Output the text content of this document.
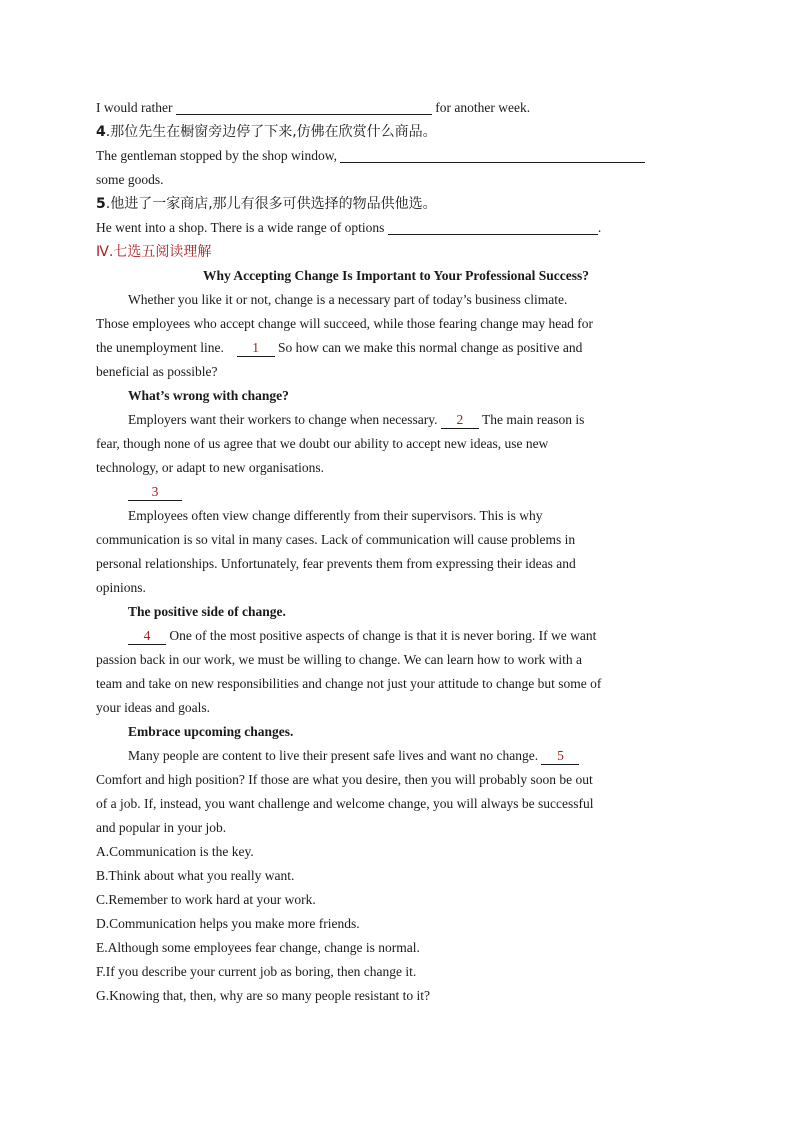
I would rather	for another week.
4.那位先生在橱窗旁边停了下来,仿佛在欣赏什么商品。
The gentleman stopped by the shop window,
some goods.
5.他进了一家商店,那儿有很多可供选择的物品供他选。
He went into a shop. There is a wide range of options	.
Ⅳ.七选五阅读理解
Why Accepting Change Is Important to Your Professional Success?
Whether you like it or not, change is a necessary part of today’s business climate.
Those employees who accept change will succeed, while those fearing change may head for
the unemployment line. 1 So how can we make this normal change as positive and
beneficial as possible?
What’s wrong with change?
Employers want their workers to change when necessary. 2 The main reason is
fear, though none of us agree that we doubt our ability to accept new ideas, use new
technology, or adapt to new organisations.
3
Employees often view change differently from their supervisors. This is why
communication is so vital in many cases. Lack of communication will cause problems in
personal relationships. Unfortunately, fear prevents them from expressing their ideas and
opinions.
The positive side of change.
4 One of the most positive aspects of change is that it is never boring. If we want
passion back in our work, we must be willing to change. We can learn how to work with a
team and take on new responsibilities and change not just your attitude to change but some of
your ideas and goals.
Embrace upcoming changes.
Many people are content to live their present safe lives and want no change. 5
Comfort and high position? If those are what you desire, then you will probably soon be out
of a job. If, instead, you want challenge and welcome change, you will always be successful
and popular in your job.
A.Communication is the key.
B.Think about what you really want.
C.Remember to work hard at your work.
D.Communication helps you make more friends.
E.Although some employees fear change, change is normal.
F.If you describe your current job as boring, then change it.
G.Knowing that, then, why are so many people resistant to it?
